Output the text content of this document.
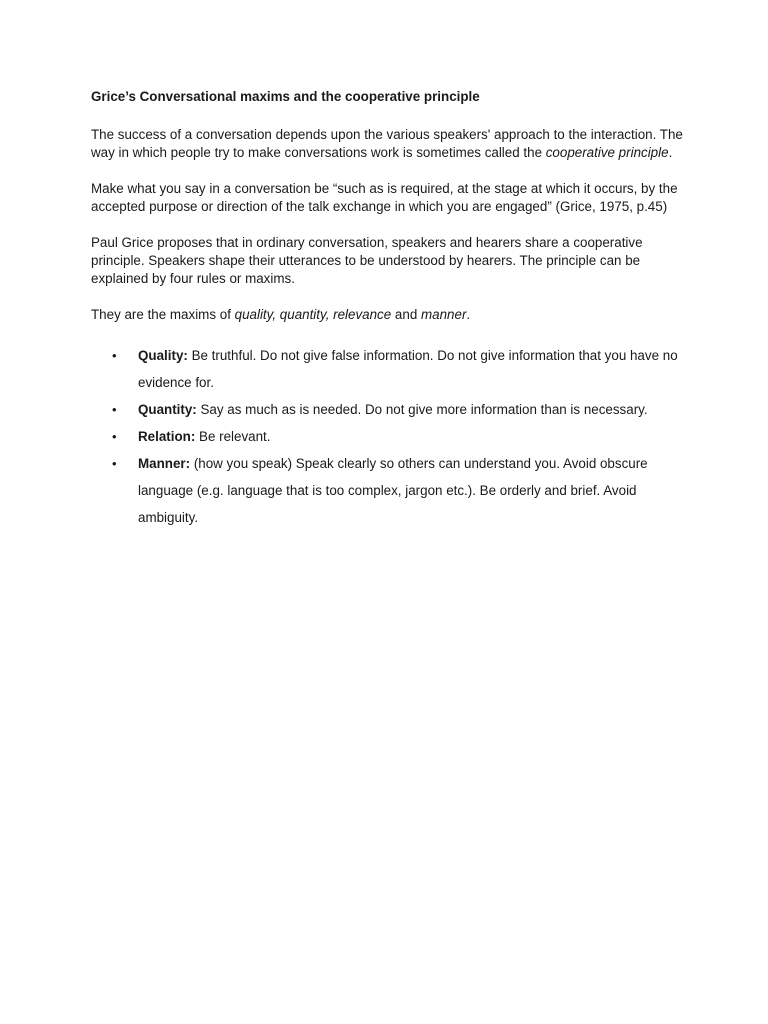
Grice’s Conversational maxims and the cooperative principle

The success of a conversation depends upon the various speakers' approach to the interaction. The way in which people try to make conversations work is sometimes called the cooperative principle.

Make what you say in a conversation be “such as is required, at the stage at which it occurs, by the accepted purpose or direction of the talk exchange in which you are engaged” (Grice, 1975, p.45)

Paul Grice proposes that in ordinary conversation, speakers and hearers share a cooperative principle. Speakers shape their utterances to be understood by hearers. The principle can be explained by four rules or maxims.

They are the maxims of quality, quantity, relevance and manner.

• Quality: Be truthful. Do not give false information. Do not give information that you have no evidence for.
• Quantity: Say as much as is needed. Do not give more information than is necessary.
• Relation: Be relevant.
• Manner: (how you speak) Speak clearly so others can understand you. Avoid obscure language (e.g. language that is too complex, jargon etc.). Be orderly and brief. Avoid ambiguity.
